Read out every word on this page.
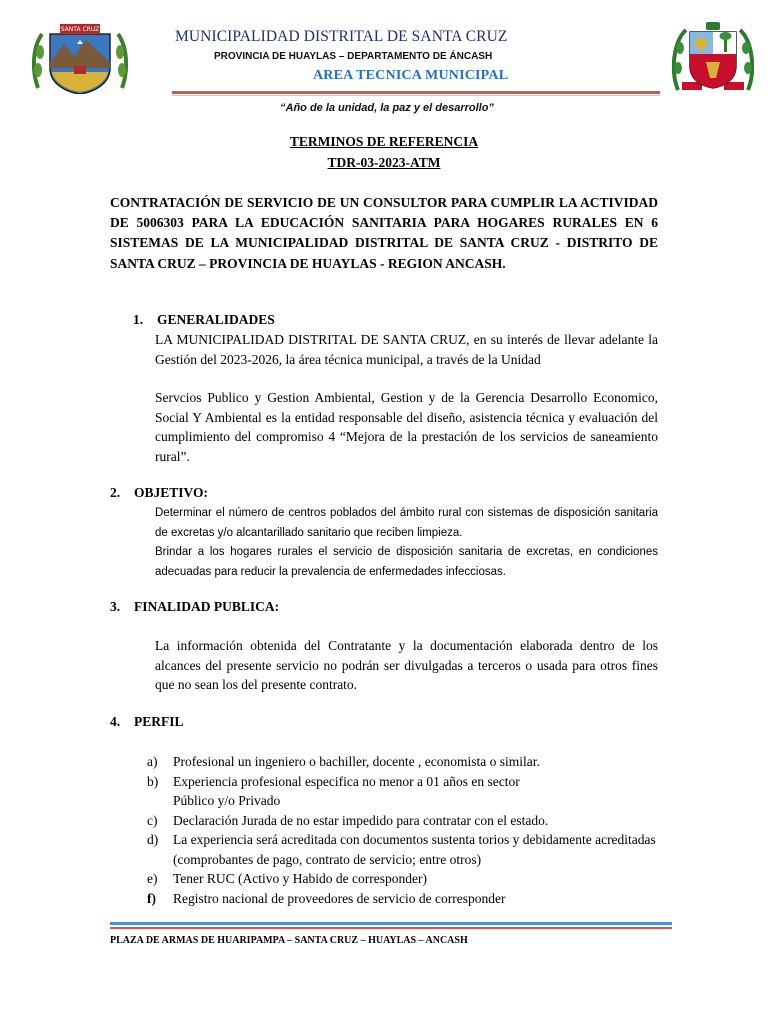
SANTA CRUZ	MUNICIPALIDAD DISTRITAL DE SANTA CRUZ
PROVINCIA DE HUAYLAS – DEPARTAMENTO DE ÁNCASH
AREA TECNICA MUNICIPAL
“Año de la unidad, la paz y el desarrollo”
TERMINOS DE REFERENCIA
TDR-03-2023-ATM
CONTRATACIÓN DE SERVICIO DE UN CONSULTOR PARA CUMPLIR LA ACTIVIDAD DE 5006303 PARA LA EDUCACIÓN SANITARIA PARA HOGARES RURALES EN 6 SISTEMAS DE LA MUNICIPALIDAD DISTRITAL DE SANTA CRUZ - DISTRITO DE SANTA CRUZ – PROVINCIA DE HUAYLAS - REGION ANCASH.
1. GENERALIDADES
LA MUNICIPALIDAD DISTRITAL DE SANTA CRUZ, en su interés de llevar adelante la Gestión del 2023-2026, la área técnica municipal, a través de la Unidad
Servcios Publico y Gestion Ambiental, Gestion y de la Gerencia Desarrollo Economico, Social Y Ambiental es la entidad responsable del diseño, asistencia técnica y evaluación del cumplimiento del compromiso 4 “Mejora de la prestación de los servicios de saneamiento rural”.
2. OBJETIVO:
Determinar el número de centros poblados del ámbito rural con sistemas de disposición sanitaria de excretas y/o alcantarillado sanitario que reciben limpieza.
Brindar a los hogares rurales el servicio de disposición sanitaria de excretas, en condiciones adecuadas para reducir la prevalencia de enfermedades infecciosas.
3. FINALIDAD PUBLICA:
La información obtenida del Contratante y la documentación elaborada dentro de los alcances del presente servicio no podrán ser divulgadas a terceros o usada para otros fines que no sean los del presente contrato.
4. PERFIL
a)	Profesional un ingeniero o bachiller, docente , economista o similar.
b)	Experiencia profesional especifica no menor a 01 años en sector Público y/o Privado
c)	Declaración Jurada de no estar impedido para contratar con el estado.
d)	La experiencia será acreditada con documentos sustenta torios y debidamente acreditadas (comprobantes de pago, contrato de servicio; entre otros)
e)	Tener RUC (Activo y Habido de corresponder)
f)	Registro nacional de proveedores de servicio de corresponder
PLAZA DE ARMAS DE HUARIPAMPA – SANTA CRUZ – HUAYLAS – ANCASH
